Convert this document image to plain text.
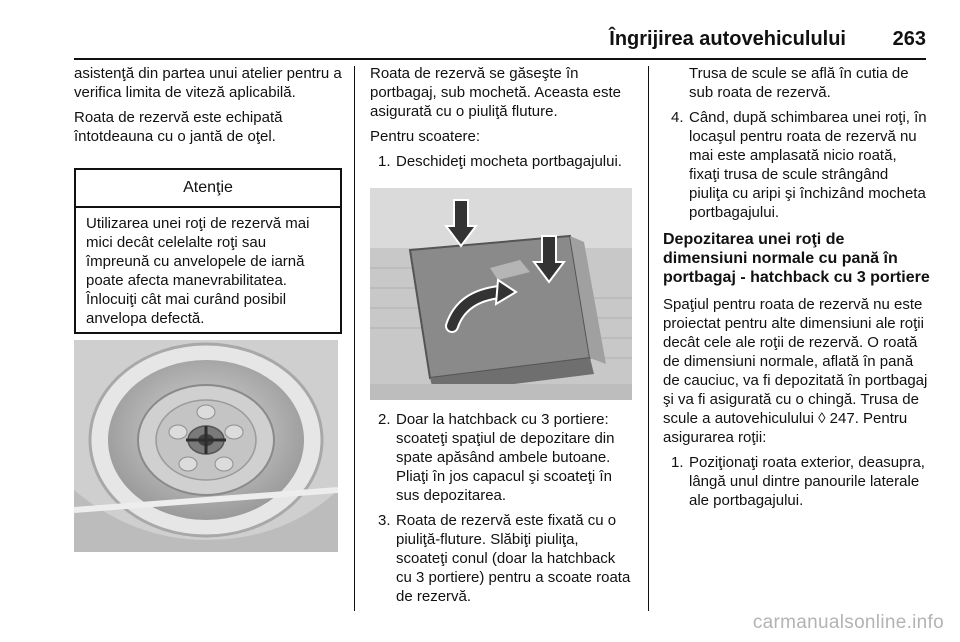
Îngrijirea autovehiculului 263

asistenţă din partea unui atelier pentru a verifica limita de viteză aplicabilă.

Roata de rezervă este echipată întotdeauna cu o jantă de oţel.

Atenţie
Utilizarea unei roţi de rezervă mai mici decât celelalte roţi sau împreună cu anvelopele de iarnă poate afecta manevrabilitatea. Înlocuiţi cât mai curând posibil anvelopa defectă.

Roata de rezervă se găseşte în portbagaj, sub mochetă. Aceasta este asigurată cu o piuliţă fluture.

Pentru scoatere:

1. Deschideţi mocheta portbagajului.
2. Doar la hatchback cu 3 portiere: scoateţi spaţiul de depozitare din spate apăsând ambele butoane. Pliaţi în jos capacul şi scoateţi în sus depozitarea.
3. Roata de rezervă este fixată cu o piuliţă-fluture. Slăbiţi piuliţa, scoateţi conul (doar la hatchback cu 3 portiere) pentru a scoate roata de rezervă.
Trusa de scule se află în cutia de sub roata de rezervă.
4. Când, după schimbarea unei roţi, în locaşul pentru roata de rezervă nu mai este amplasată nicio roată, fixaţi trusa de scule strângând piuliţa cu aripi şi închizând mocheta portbagajului.
Depozitarea unei roţi de dimensiuni normale cu pană în portbagaj - hatchback cu 3 portiere

Spaţiul pentru roata de rezervă nu este proiectat pentru alte dimensiuni ale roţii decât cele ale roţii de rezervă. O roată de dimensiuni normale, aflată în pană de cauciuc, va fi depozitată în portbagaj şi va fi asigurată cu o chingă. Trusa de scule a autovehiculului ◊ 247. Pentru asigurarea roţii:

1. Poziţionaţi roata exterior, deasupra, lângă unul dintre panourile laterale ale portbagajului.
carmanualsonline.info
